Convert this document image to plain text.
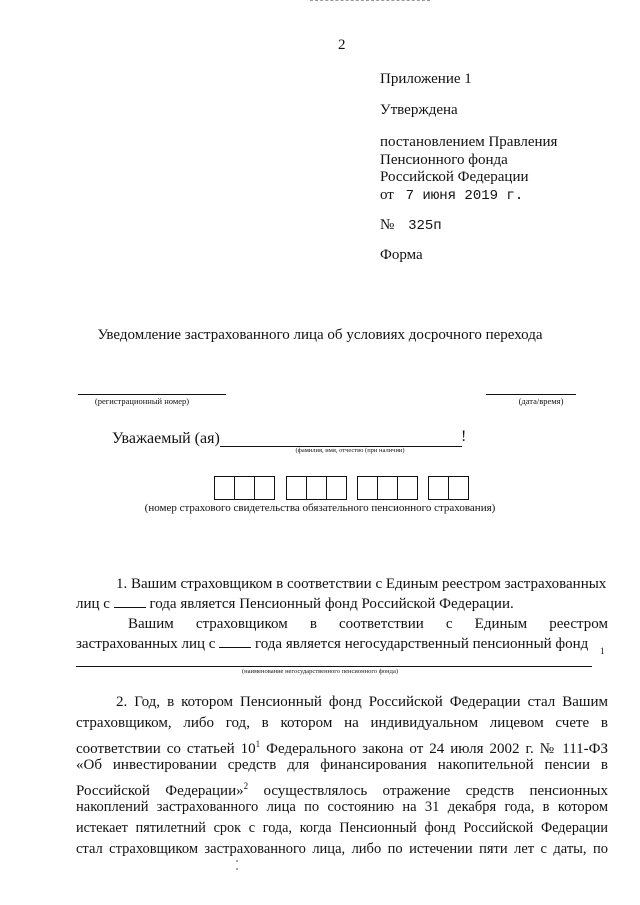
2
Приложение 1
Утверждена
постановлением Правления
Пенсионного фонда
Российской Федерации
от 7 июня 2019 г.
№ 325п
Форма
Уведомление застрахованного лица об условиях досрочного перехода
(регистрационный номер)	(дата/время)
Уважаемый (ая)	!
(фамилия, имя, отчество (при наличии)
(номер страхового свидетельства обязательного пенсионного страхования)
1. Вашим страховщиком в соответствии с Единым реестром застрахованных
лиц с	года является Пенсионный фонд Российской Федерации.
Вашим страховщиком в соответствии с Единым реестром
застрахованных лиц с	года является негосударственный пенсионный фонд	1
(наименование негосударственного пенсионного фонда)
2. Год, в котором Пенсионный фонд Российской Федерации стал Вашим
страховщиком, либо год, в котором на индивидуальном лицевом счете в
соответствии со статьей $10^1$ Федерального закона от 24 июля 2002 г. № 111-ФЗ
«Об инвестировании средств для финансирования накопительной пенсии в
Российской Федерации»$^2$ осуществлялось отражение средств пенсионных
накоплений застрахованного лица по состоянию на 31 декабря года, в котором
истекает пятилетний срок с года, когда Пенсионный фонд Российской Федерации
стал страховщиком застрахованного лица, либо по истечении пяти лет с даты, по
